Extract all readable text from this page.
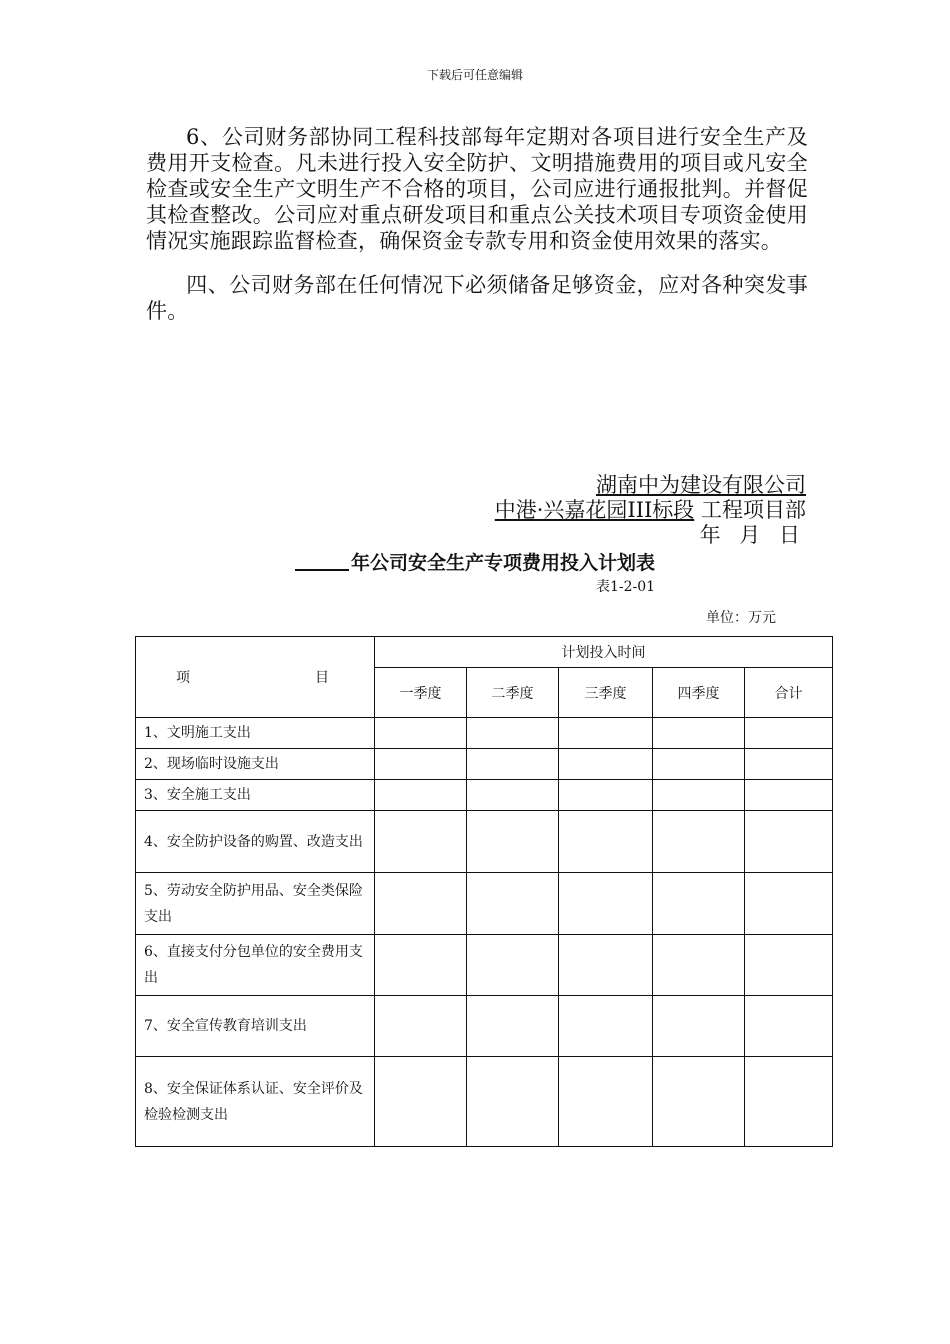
下载后可任意编辑
6、公司财务部协同工程科技部每年定期对各项目进行安全生产及费用开支检查。凡未进行投入安全防护、文明措施费用的项目或凡安全检查或安全生产文明生产不合格的项目，公司应进行通报批判。并督促其检查整改。公司应对重点研发项目和重点公关技术项目专项资金使用情况实施跟踪监督检查，确保资金专款专用和资金使用效果的落实。
四、公司财务部在任何情况下必须储备足够资金，应对各种突发事件。
湖南中为建设有限公司
中港·兴嘉花园III标段 工程项目部
年 月 日
年公司安全生产专项费用投入计划表
表1-2-01
单位：万元
项 目	计划投入时间				
	一季度	二季度	三季度	四季度	合计
1、文明施工支出					
2、现场临时设施支出					
3、安全施工支出					
4、安全防护设备的购置、改造支出					
5、劳动安全防护用品、安全类保险支出					
6、直接支付分包单位的安全费用支出					
7、安全宣传教育培训支出					
8、安全保证体系认证、安全评价及检验检测支出					
